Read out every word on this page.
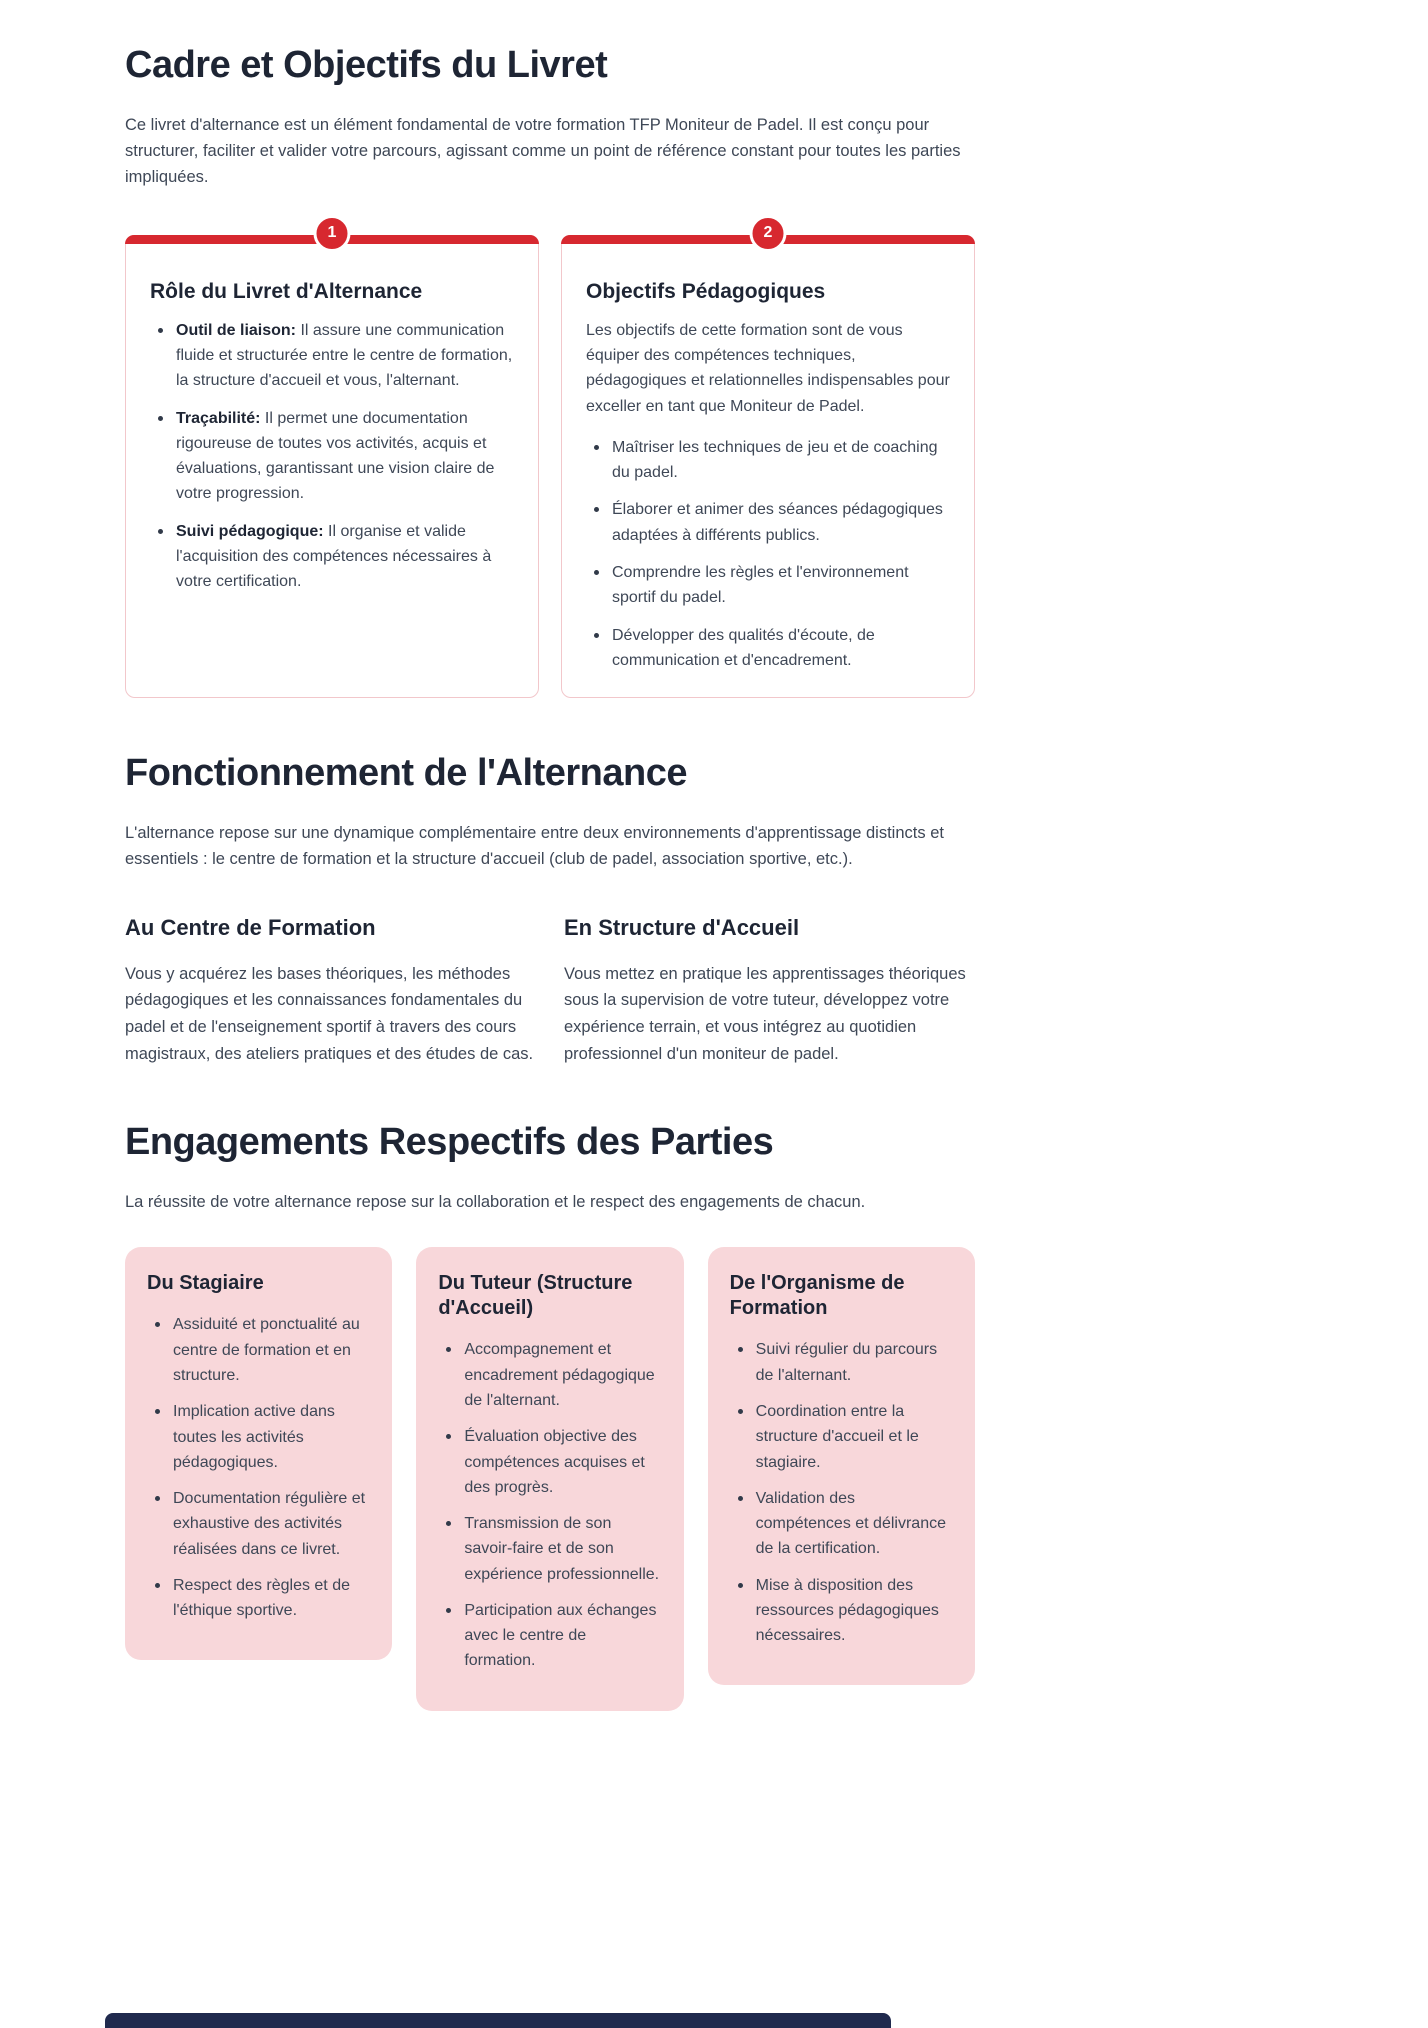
Cadre et Objectifs du Livret

Ce livret d'alternance est un élément fondamental de votre formation TFP Moniteur de Padel. Il est conçu pour structurer, faciliter et valider votre parcours, agissant comme un point de référence constant pour toutes les parties impliquées.

1
Rôle du Livret d'Alternance
Outil de liaison: Il assure une communication fluide et structurée entre le centre de formation, la structure d'accueil et vous, l'alternant.
Traçabilité: Il permet une documentation rigoureuse de toutes vos activités, acquis et évaluations, garantissant une vision claire de votre progression.
Suivi pédagogique: Il organise et valide l'acquisition des compétences nécessaires à votre certification.
2
Objectifs Pédagogiques

Les objectifs de cette formation sont de vous équiper des compétences techniques, pédagogiques et relationnelles indispensables pour exceller en tant que Moniteur de Padel.

Maîtriser les techniques de jeu et de coaching du padel.
Élaborer et animer des séances pédagogiques adaptées à différents publics.
Comprendre les règles et l'environnement sportif du padel.
Développer des qualités d'écoute, de communication et d'encadrement.
Fonctionnement de l'Alternance

L'alternance repose sur une dynamique complémentaire entre deux environnements d'apprentissage distincts et essentiels : le centre de formation et la structure d'accueil (club de padel, association sportive, etc.).

Au Centre de Formation

Vous y acquérez les bases théoriques, les méthodes pédagogiques et les connaissances fondamentales du padel et de l'enseignement sportif à travers des cours magistraux, des ateliers pratiques et des études de cas.

En Structure d'Accueil

Vous mettez en pratique les apprentissages théoriques sous la supervision de votre tuteur, développez votre expérience terrain, et vous intégrez au quotidien professionnel d'un moniteur de padel.

Engagements Respectifs des Parties

La réussite de votre alternance repose sur la collaboration et le respect des engagements de chacun.

Du Stagiaire
Assiduité et ponctualité au centre de formation et en structure.
Implication active dans toutes les activités pédagogiques.
Documentation régulière et exhaustive des activités réalisées dans ce livret.
Respect des règles et de l'éthique sportive.
Du Tuteur (Structure d'Accueil)
Accompagnement et encadrement pédagogique de l'alternant.
Évaluation objective des compétences acquises et des progrès.
Transmission de son savoir-faire et de son expérience professionnelle.
Participation aux échanges avec le centre de formation.
De l'Organisme de Formation
Suivi régulier du parcours de l'alternant.
Coordination entre la structure d'accueil et le stagiaire.
Validation des compétences et délivrance de la certification.
Mise à disposition des ressources pédagogiques nécessaires.
